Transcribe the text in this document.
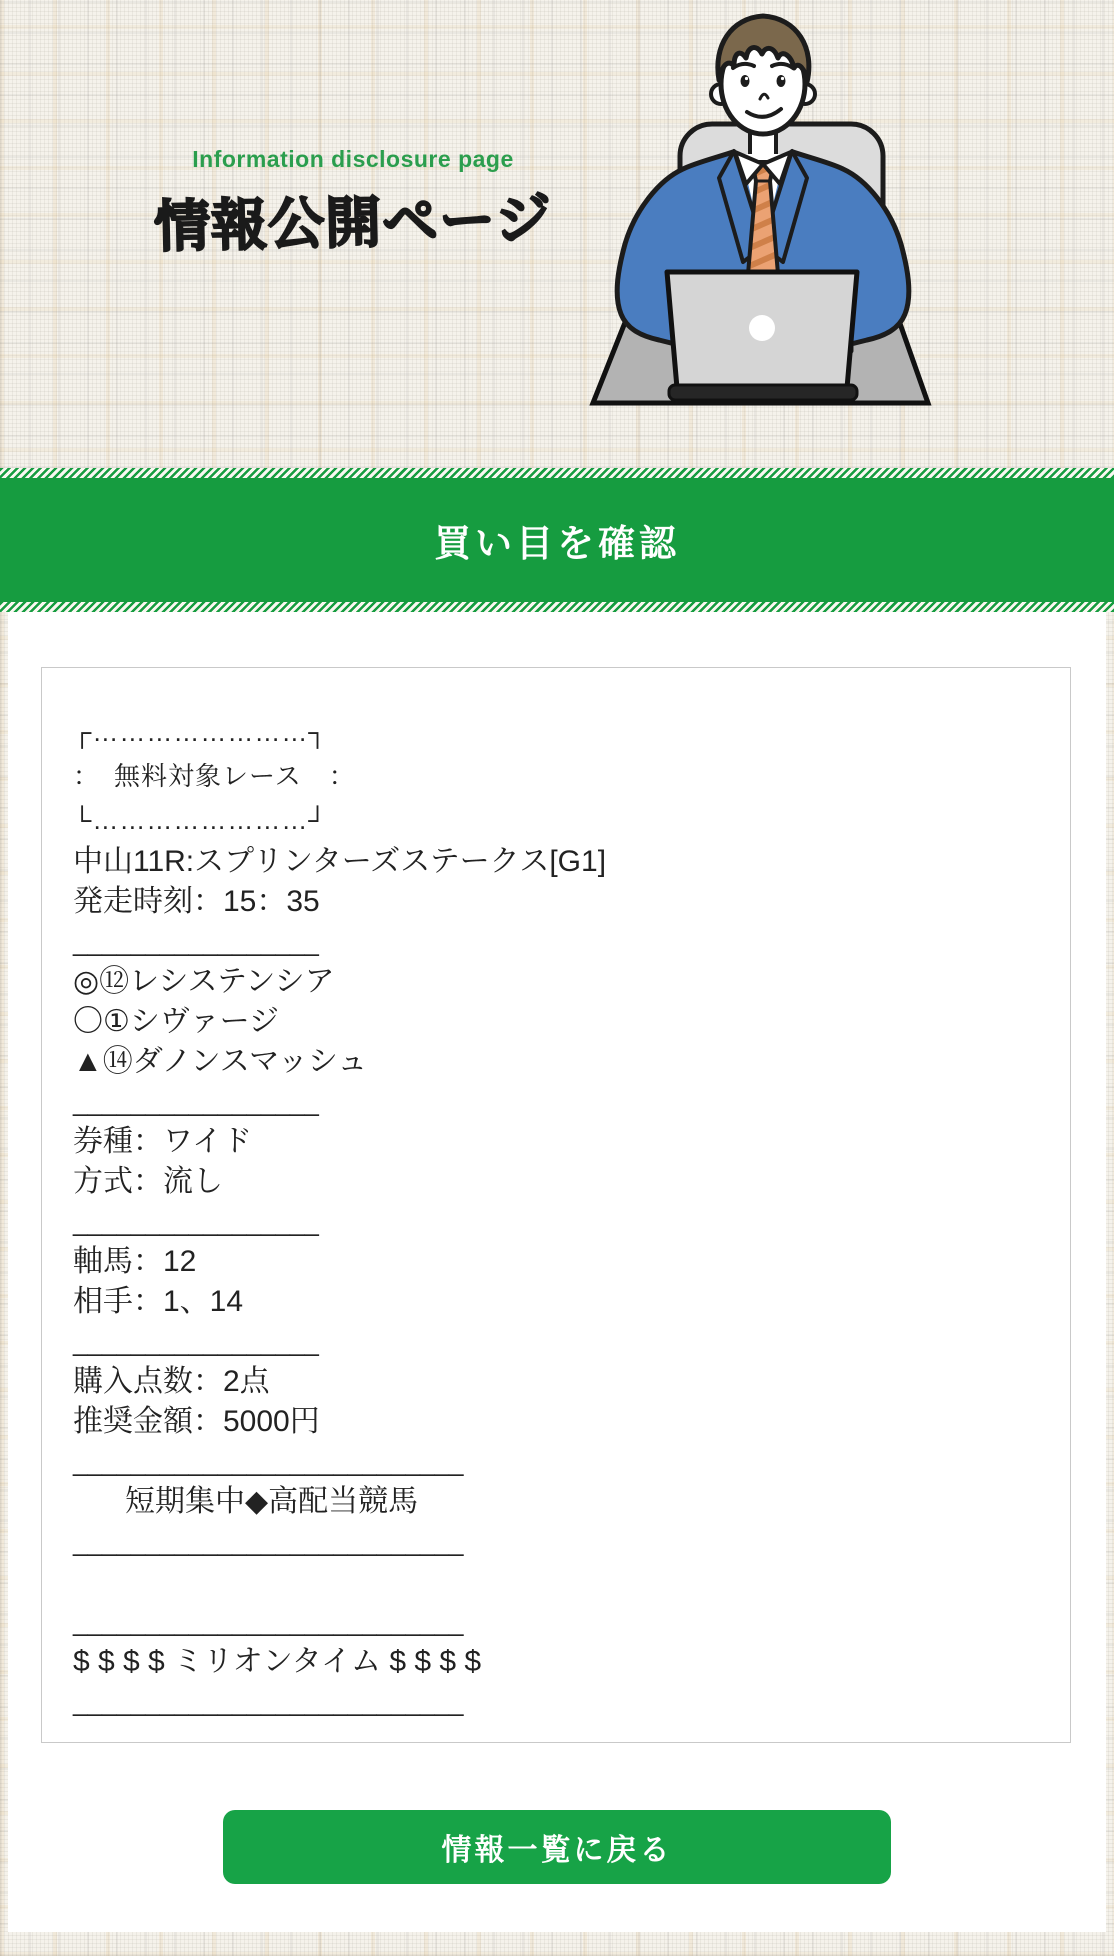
Information disclosure page
情報公開ページ
買い目を確認
┌……………………┐
：　無料対象レース　：
└……………………┘
中山11R:スプリンターズステークス[G1]
発走時刻：15：35
_________________
◎⑫レシステンシア
〇①シヴァージ
▲⑭ダノンスマッシュ
_________________
券種：ワイド
方式：流し
_________________
軸馬：12
相手：1、14
_________________
購入点数：2点
推奨金額：5000円
___________________________
短期集中◆高配当競馬
___________________________
___________________________
$ $ $ $ ミリオンタイム $ $ $ $
___________________________
情報一覧に戻る
